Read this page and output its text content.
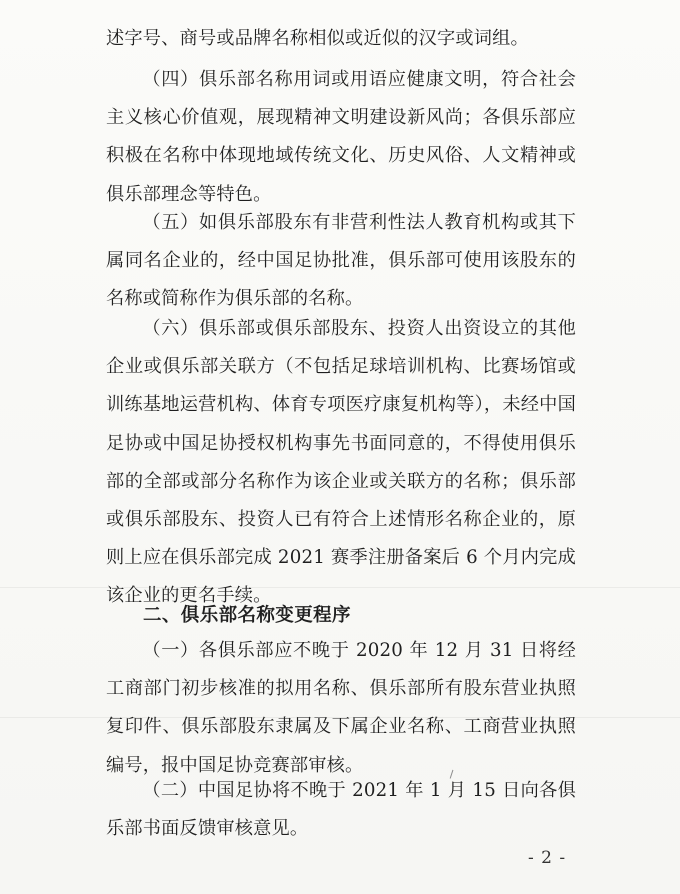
述字号、商号或品牌名称相似或近似的汉字或词组。

（四）俱乐部名称用词或用语应健康文明，符合社会主义核心价值观，展现精神文明建设新风尚；各俱乐部应积极在名称中体现地域传统文化、历史风俗、人文精神或俱乐部理念等特色。

（五）如俱乐部股东有非营利性法人教育机构或其下属同名企业的，经中国足协批准，俱乐部可使用该股东的名称或简称作为俱乐部的名称。

（六）俱乐部或俱乐部股东、投资人出资设立的其他企业或俱乐部关联方（不包括足球培训机构、比赛场馆或训练基地运营机构、体育专项医疗康复机构等），未经中国足协或中国足协授权机构事先书面同意的，不得使用俱乐部的全部或部分名称作为该企业或关联方的名称；俱乐部或俱乐部股东、投资人已有符合上述情形名称企业的，原则上应在俱乐部完成 2021 赛季注册备案后 6 个月内完成该企业的更名手续。

二、俱乐部名称变更程序

（一）各俱乐部应不晚于 2020 年 12 月 31 日将经工商部门初步核准的拟用名称、俱乐部所有股东营业执照复印件、俱乐部股东隶属及下属企业名称、工商营业执照编号，报中国足协竞赛部审核。

（二）中国足协将不晚于 2021 年 1 月 15 日向各俱乐部书面反馈审核意见。

- 2 -
